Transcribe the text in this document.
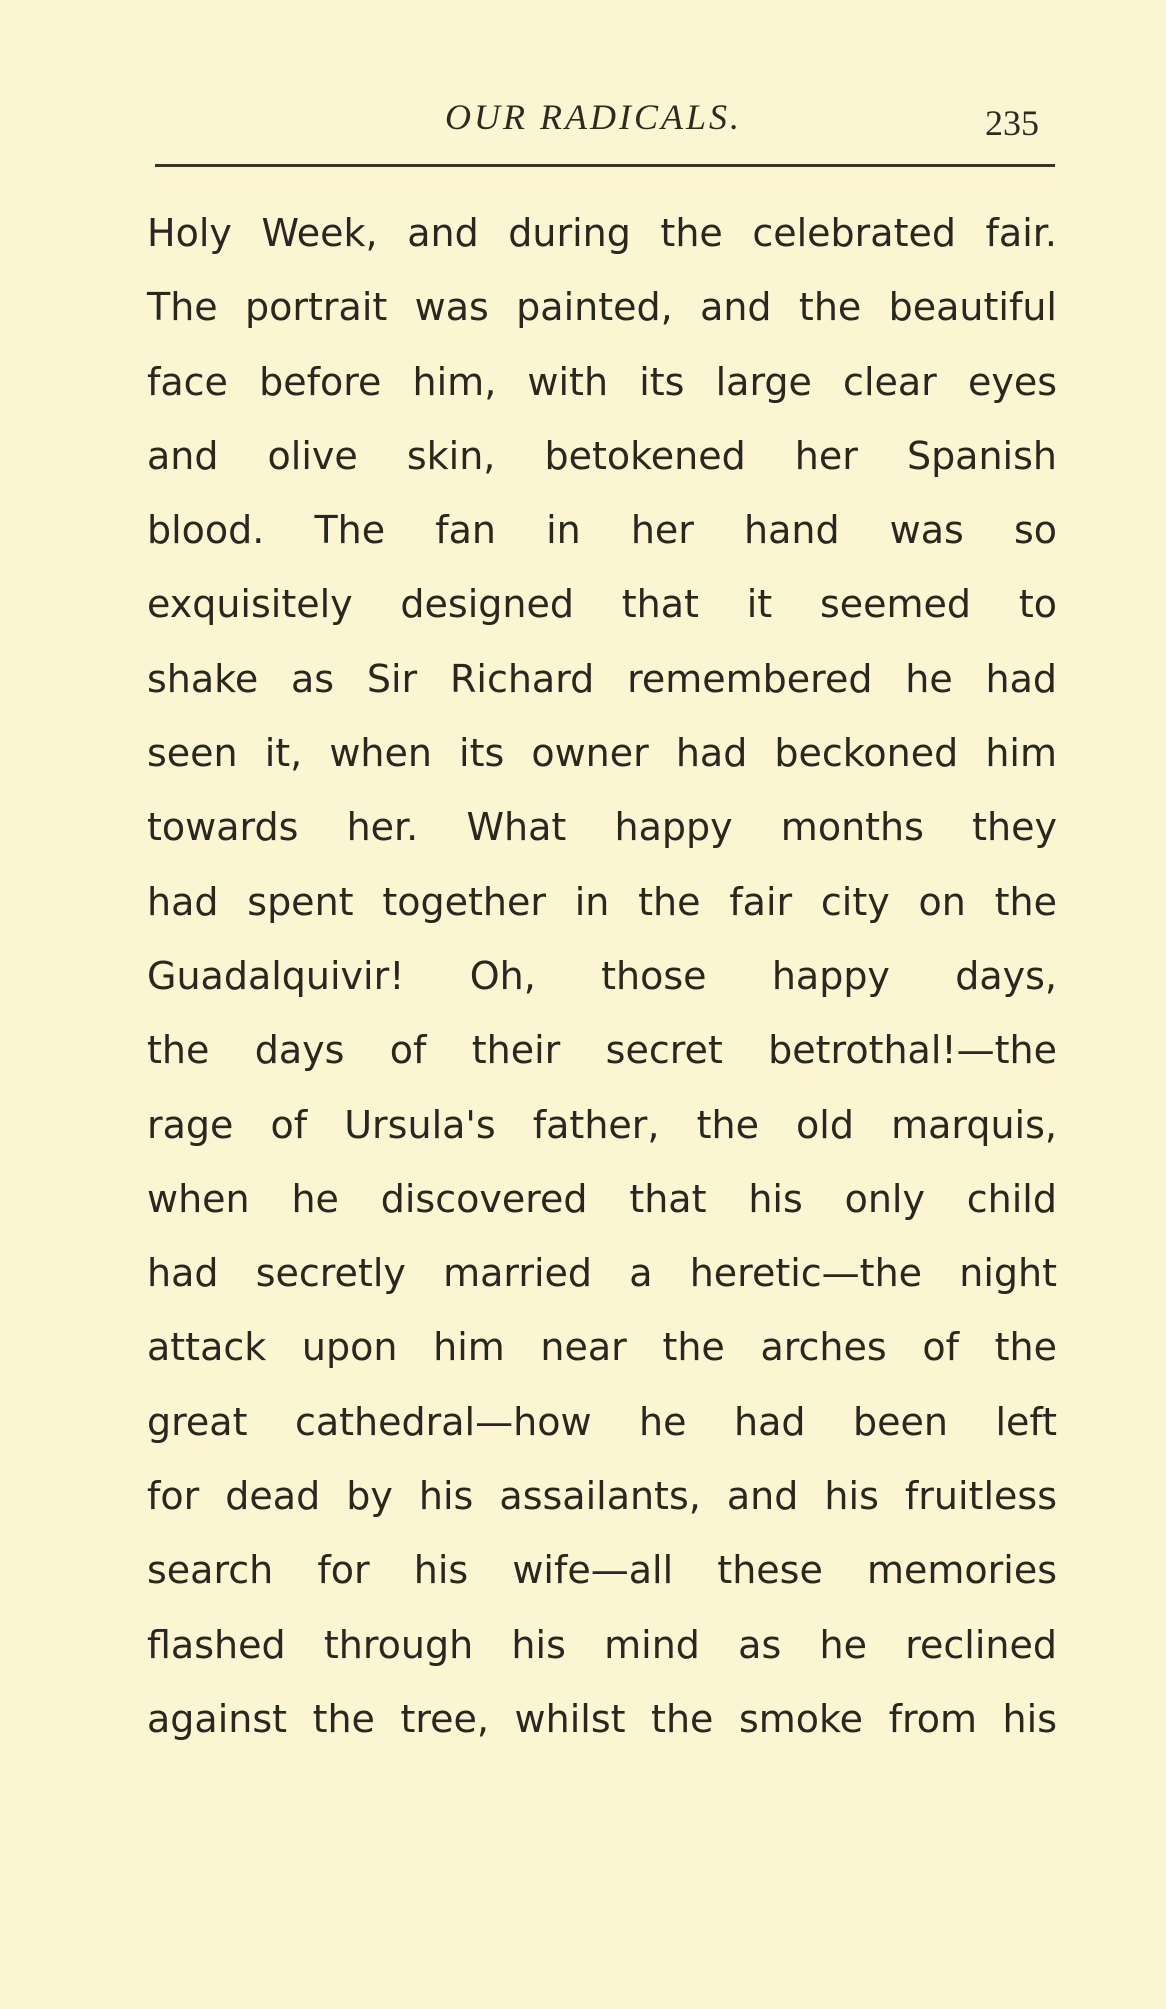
OUR RADICALS.	235
Holy Week, and during the celebrated fair.
The portrait was painted, and the beautiful
face before him, with its large clear eyes
and olive skin, betokened her Spanish
blood. The fan in her hand was so
exquisitely designed that it seemed to
shake as Sir Richard remembered he had
seen it, when its owner had beckoned him
towards her. What happy months they
had spent together in the fair city on the
Guadalquivir! Oh, those happy days,
the days of their secret betrothal!—the
rage of Ursula's father, the old marquis,
when he discovered that his only child
had secretly married a heretic—the night
attack upon him near the arches of the
great cathedral—how he had been left
for dead by his assailants, and his fruitless
search for his wife—all these memories
flashed through his mind as he reclined
against the tree, whilst the smoke from his
